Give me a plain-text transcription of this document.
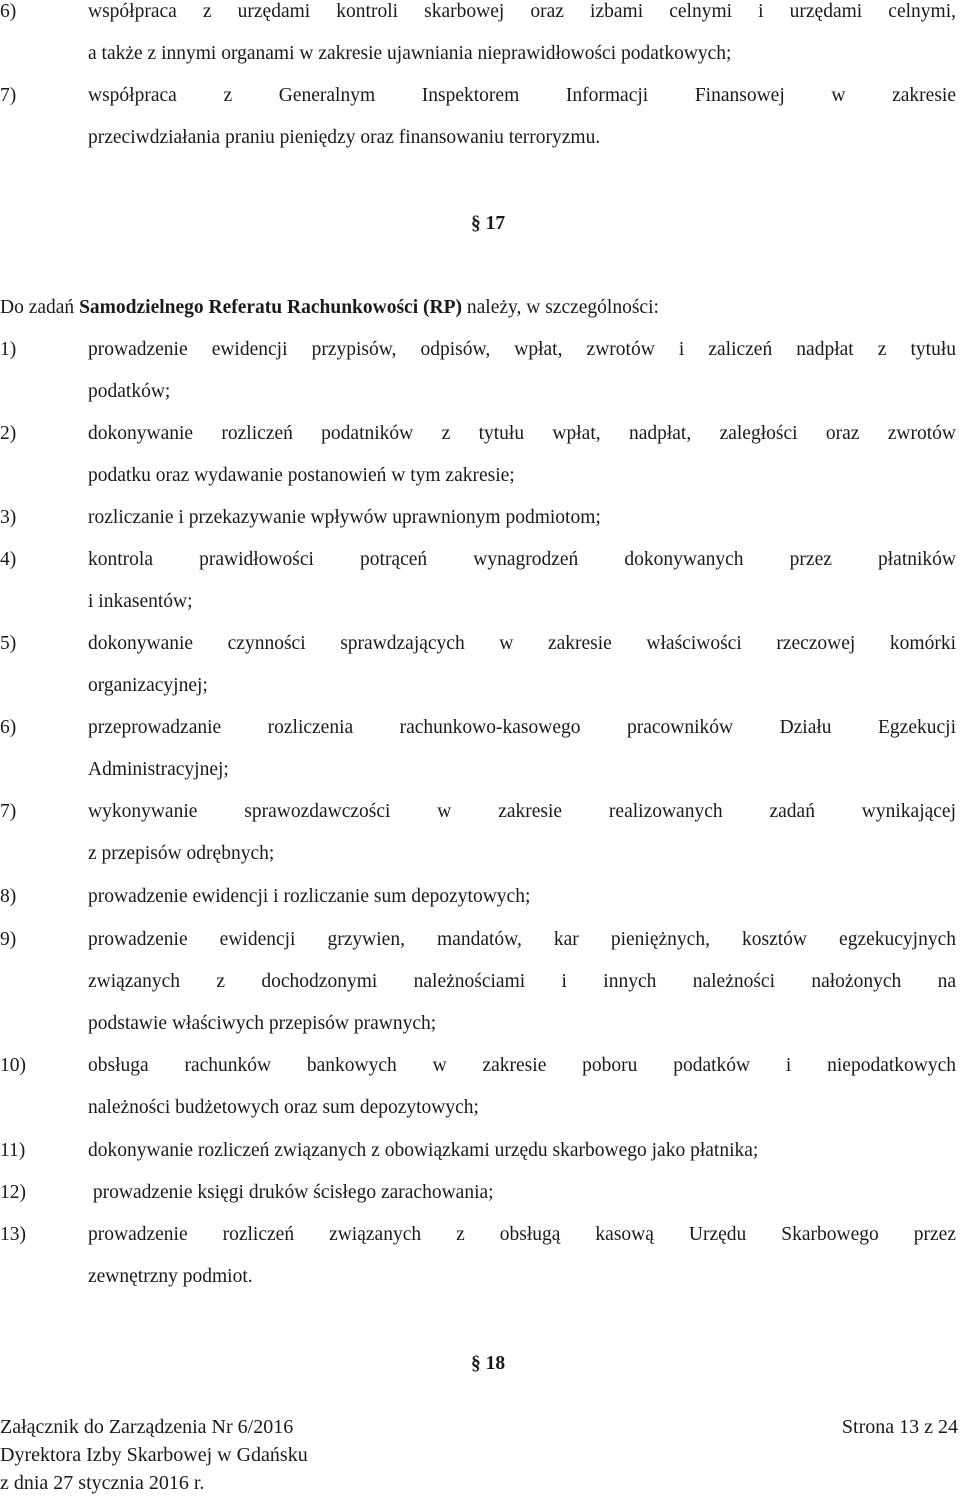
6)	współpraca z urzędami kontroli skarbowej oraz izbami celnymi i urzędami celnymi,
a także z innymi organami w zakresie ujawniania nieprawidłowości podatkowych;
7)	współpraca z Generalnym Inspektorem Informacji Finansowej w zakresie
przeciwdziałania praniu pieniędzy oraz finansowaniu terroryzmu.
§ 17
Do zadań Samodzielnego Referatu Rachunkowości (RP) należy, w szczególności:
1)	prowadzenie ewidencji przypisów, odpisów, wpłat, zwrotów i zaliczeń nadpłat z tytułu
podatków;
2)	dokonywanie rozliczeń podatników z tytułu wpłat, nadpłat, zaległości oraz zwrotów
podatku oraz wydawanie postanowień w tym zakresie;
3)	rozliczanie i przekazywanie wpływów uprawnionym podmiotom;
4)	kontrola prawidłowości potrąceń wynagrodzeń dokonywanych przez płatników
i inkasentów;
5)	dokonywanie czynności sprawdzających w zakresie właściwości rzeczowej komórki
organizacyjnej;
6)	przeprowadzanie rozliczenia rachunkowo-kasowego pracowników Działu Egzekucji
Administracyjnej;
7)	wykonywanie sprawozdawczości w zakresie realizowanych zadań wynikającej
z przepisów odrębnych;
8)	prowadzenie ewidencji i rozliczanie sum depozytowych;
9)	prowadzenie ewidencji grzywien, mandatów, kar pieniężnych, kosztów egzekucyjnych
związanych z dochodzonymi należnościami i innych należności nałożonych na
podstawie właściwych przepisów prawnych;
10)	obsługa rachunków bankowych w zakresie poboru podatków i niepodatkowych
należności budżetowych oraz sum depozytowych;
11)	dokonywanie rozliczeń związanych z obowiązkami urzędu skarbowego jako płatnika;
12)	prowadzenie księgi druków ścisłego zarachowania;
13)	prowadzenie rozliczeń związanych z obsługą kasową Urzędu Skarbowego przez
zewnętrzny podmiot.
§ 18
Załącznik do Zarządzenia Nr 6/2016	Strona 13 z 24
Dyrektora Izby Skarbowej w Gdańsku
z dnia 27 stycznia 2016 r.
